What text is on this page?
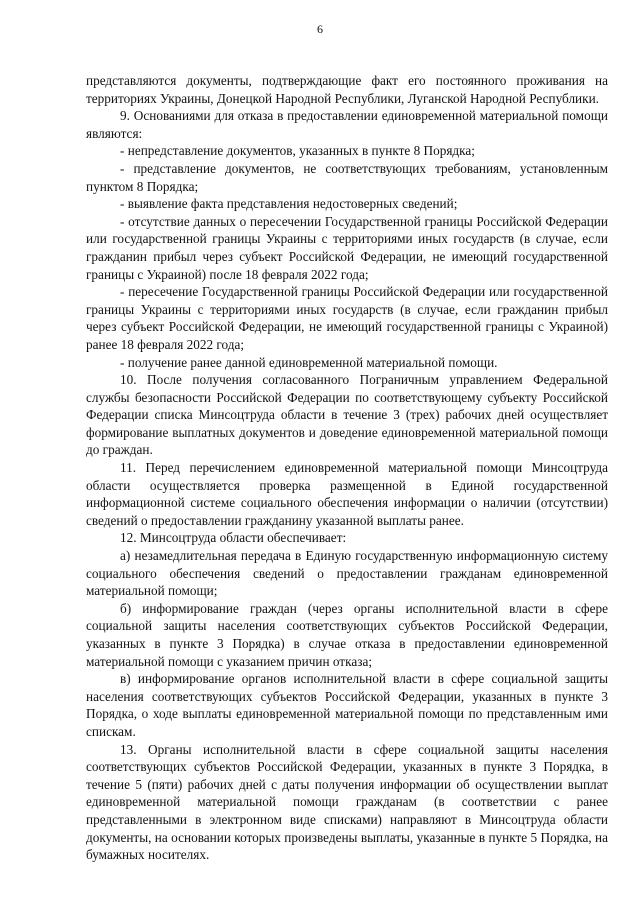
6

представляются документы, подтверждающие факт его постоянного проживания на территориях Украины, Донецкой Народной Республики, Луганской Народной Республики.

9. Основаниями для отказа в предоставлении единовременной материальной помощи являются:

- непредставление документов, указанных в пункте 8 Порядка;

- представление документов, не соответствующих требованиям, установленным пунктом 8 Порядка;

- выявление факта представления недостоверных сведений;

- отсутствие данных о пересечении Государственной границы Российской Федерации или государственной границы Украины с территориями иных государств (в случае, если гражданин прибыл через субъект Российской Федерации, не имеющий государственной границы с Украиной) после 18 февраля 2022 года;

- пересечение Государственной границы Российской Федерации или государственной границы Украины с территориями иных государств (в случае, если гражданин прибыл через субъект Российской Федерации, не имеющий государственной границы с Украиной) ранее 18 февраля 2022 года;

- получение ранее данной единовременной материальной помощи.

10. После получения согласованного Пограничным управлением Федеральной службы безопасности Российской Федерации по соответствующему субъекту Российской Федерации списка Минсоцтруда области в течение 3 (трех) рабочих дней осуществляет формирование выплатных документов и доведение единовременной материальной помощи до граждан.

11. Перед перечислением единовременной материальной помощи Минсоцтруда области осуществляется проверка размещенной в Единой государственной информационной системе социального обеспечения информации о наличии (отсутствии) сведений о предоставлении гражданину указанной выплаты ранее.

12. Минсоцтруда области обеспечивает:

а) незамедлительная передача в Единую государственную информационную систему социального обеспечения сведений о предоставлении гражданам единовременной материальной помощи;

б) информирование граждан (через органы исполнительной власти в сфере социальной защиты населения соответствующих субъектов Российской Федерации, указанных в пункте 3 Порядка) в случае отказа в предоставлении единовременной материальной помощи с указанием причин отказа;

в) информирование органов исполнительной власти в сфере социальной защиты населения соответствующих субъектов Российской Федерации, указанных в пункте 3 Порядка, о ходе выплаты единовременной материальной помощи по представленным ими спискам.

13. Органы исполнительной власти в сфере социальной защиты населения соответствующих субъектов Российской Федерации, указанных в пункте 3 Порядка, в течение 5 (пяти) рабочих дней с даты получения информации об осуществлении выплат единовременной материальной помощи гражданам (в соответствии с ранее представленными в электронном виде списками) направляют в Минсоцтруда области документы, на основании которых произведены выплаты, указанные в пункте 5 Порядка, на бумажных носителях.
